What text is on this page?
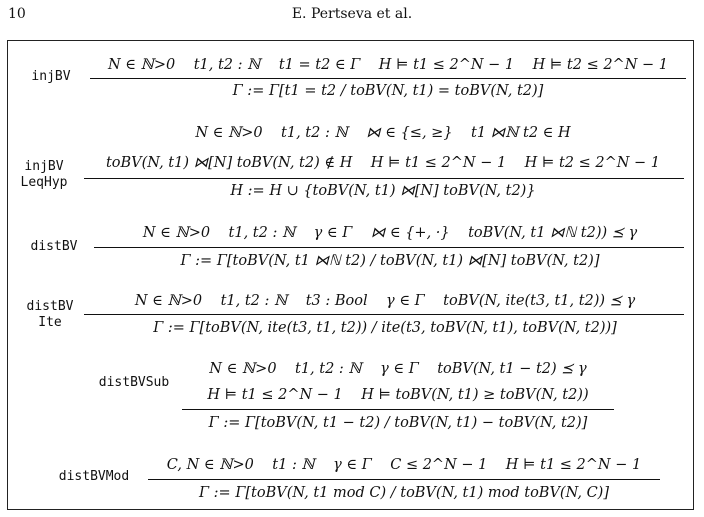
10	E. Pertseva et al.
injBV
N ∈ ℕ>0    t1, t2 : ℕ    t1 = t2 ∈ Γ    H ⊨ t1 ≤ 2^N − 1    H ⊨ t2 ≤ 2^N − 1
Γ := Γ[t1 = t2 / toBV(N, t1) = toBV(N, t2)]
injBV LeqHyp
N ∈ ℕ>0    t1, t2 : ℕ    ⋈ ∈ {≤, ≥}    t1 ⋈ℕ t2 ∈ H
toBV(N, t1) ⋈[N] toBV(N, t2) ∉ H    H ⊨ t1 ≤ 2^N − 1    H ⊨ t2 ≤ 2^N − 1
H := H ∪ {toBV(N, t1) ⋈[N] toBV(N, t2)}
distBV
N ∈ ℕ>0    t1, t2 : ℕ    γ ∈ Γ    ⋈ ∈ {+, ·}    toBV(N, t1 ⋈ℕ t2)) ⪯ γ
Γ := Γ[toBV(N, t1 ⋈ℕ t2) / toBV(N, t1) ⋈[N] toBV(N, t2)]
distBV Ite
N ∈ ℕ>0    t1, t2 : ℕ    t3 : Bool    γ ∈ Γ    toBV(N, ite(t3, t1, t2)) ⪯ γ
Γ := Γ[toBV(N, ite(t3, t1, t2)) / ite(t3, toBV(N, t1), toBV(N, t2))]
distBVSub
N ∈ ℕ>0    t1, t2 : ℕ    γ ∈ Γ    toBV(N, t1 − t2) ⪯ γ
H ⊨ t1 ≤ 2^N − 1    H ⊨ toBV(N, t1) ≥ toBV(N, t2))
Γ := Γ[toBV(N, t1 − t2) / toBV(N, t1) − toBV(N, t2)]
distBVMod
C, N ∈ ℕ>0    t1 : ℕ    γ ∈ Γ    C ≤ 2^N − 1    H ⊨ t1 ≤ 2^N − 1
Γ := Γ[toBV(N, t1 mod C) / toBV(N, t1) mod toBV(N, C)]
